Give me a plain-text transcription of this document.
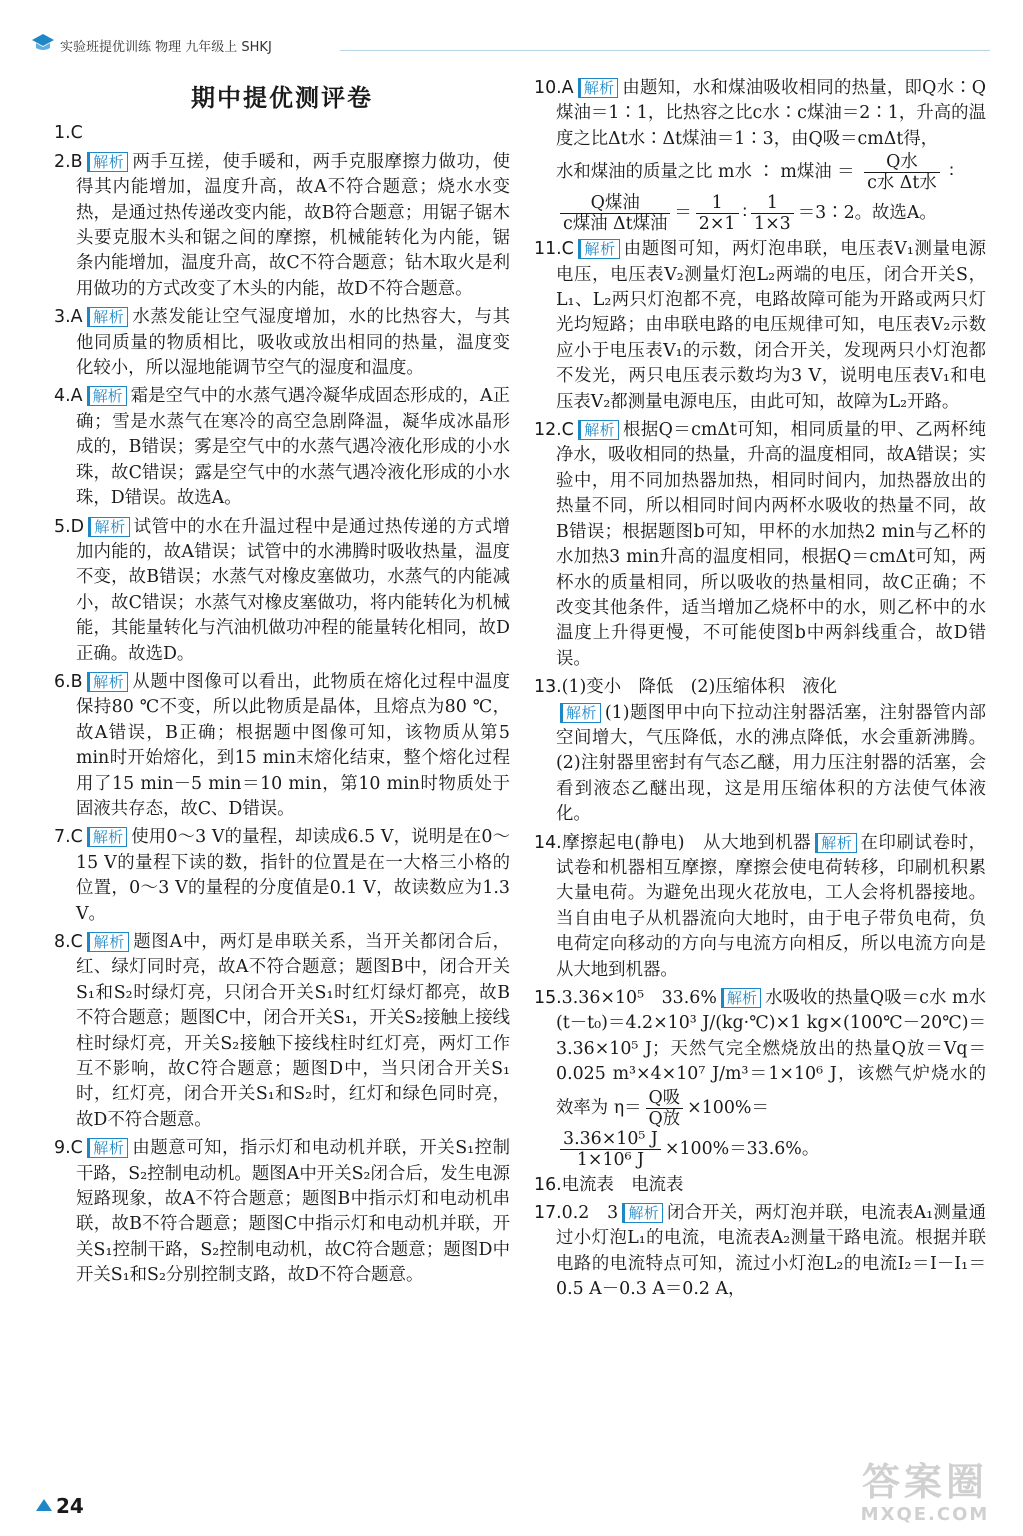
实验班提优训练 物理 九年级上 SHKJ
期中提优测评卷
1.C
2.B 解析 两手互搓，使手暖和，两手克服摩擦力做功，使得其内能增加，温度升高，故A不符合题意；烧水水变热，是通过热传递改变内能，故B符合题意；用锯子锯木头要克服木头和锯之间的摩擦，机械能转化为内能，锯条内能增加，温度升高，故C不符合题意；钻木取火是利用做功的方式改变了木头的内能，故D不符合题意。
3.A 解析 水蒸发能让空气湿度增加，水的比热容大，与其他同质量的物质相比，吸收或放出相同的热量，温度变化较小，所以湿地能调节空气的湿度和温度。
4.A 解析 霜是空气中的水蒸气遇冷凝华成固态形成的，A正确；雪是水蒸气在寒冷的高空急剧降温，凝华成冰晶形成的，B错误；雾是空气中的水蒸气遇冷液化形成的小水珠，故C错误；露是空气中的水蒸气遇冷液化形成的小水珠，D错误。故选A。
5.D 解析 试管中的水在升温过程中是通过热传递的方式增加内能的，故A错误；试管中的水沸腾时吸收热量，温度不变，故B错误；水蒸气对橡皮塞做功，水蒸气的内能减小，故C错误；水蒸气对橡皮塞做功，将内能转化为机械能，其能量转化与汽油机做功冲程的能量转化相同，故D正确。故选D。
6.B 解析 从题中图像可以看出，此物质在熔化过程中温度保持80 ℃不变，所以此物质是晶体，且熔点为80 ℃，故A错误，B正确；根据题中图像可知，该物质从第5 min时开始熔化，到15 min末熔化结束，整个熔化过程用了15 min－5 min＝10 min，第10 min时物质处于固液共存态，故C、D错误。
7.C 解析 使用0～3 V的量程，却读成6.5 V，说明是在0～15 V的量程下读的数，指针的位置是在一大格三小格的位置，0～3 V的量程的分度值是0.1 V，故读数应为1.3 V。
8.C 解析 题图A中，两灯是串联关系，当开关都闭合后，红、绿灯同时亮，故A不符合题意；题图B中，闭合开关S₁和S₂时绿灯亮，只闭合开关S₁时红灯绿灯都亮，故B不符合题意；题图C中，闭合开关S₁，开关S₂接触上接线柱时绿灯亮，开关S₂接触下接线柱时红灯亮，两灯工作互不影响，故C符合题意；题图D中，当只闭合开关S₁时，红灯亮，闭合开关S₁和S₂时，红灯和绿色同时亮，故D不符合题意。
9.C 解析 由题意可知，指示灯和电动机并联，开关S₁控制干路，S₂控制电动机。题图A中开关S₂闭合后，发生电源短路现象，故A不符合题意；题图B中指示灯和电动机串联，故B不符合题意；题图C中指示灯和电动机并联，开关S₁控制干路，S₂控制电动机，故C符合题意；题图D中开关S₁和S₂分别控制支路，故D不符合题意。
10.A 解析 由题知，水和煤油吸收相同的热量，即Q水∶Q煤油＝1∶1，比热容之比c水∶c煤油＝2∶1，升高的温度之比Δt水∶Δt煤油＝1∶3，由Q吸＝cmΔt得，
水和煤油的质量之比 m水 ∶ m煤油 ＝ $\frac{\text{Q水}}{\text{c水 Δt水}}$ ∶
$\frac{\text{Q煤油}}{\text{c煤油 Δt煤油}} = \frac{1}{2\times 1}$ ∶ $\frac{1}{1\times 3}$ ＝3∶2。故选A。
11.C 解析 由题图可知，两灯泡串联，电压表V₁测量电源电压，电压表V₂测量灯泡L₂两端的电压，闭合开关S，L₁、L₂两只灯泡都不亮，电路故障可能为开路或两只灯光均短路；由串联电路的电压规律可知，电压表V₂示数应小于电压表V₁的示数，闭合开关，发现两只小灯泡都不发光，两只电压表示数均为3 V，说明电压表V₁和电压表V₂都测量电源电压，由此可知，故障为L₂开路。
12.C 解析 根据Q＝cmΔt可知，相同质量的甲、乙两杯纯净水，吸收相同的热量，升高的温度相同，故A错误；实验中，用不同加热器加热，相同时间内，加热器放出的热量不同，所以相同时间内两杯水吸收的热量不同，故B错误；根据题图b可知，甲杯的水加热2 min与乙杯的水加热3 min升高的温度相同，根据Q＝cmΔt可知，两杯水的质量相同，所以吸收的热量相同，故C正确；不改变其他条件，适当增加乙烧杯中的水，则乙杯中的水温度上升得更慢，不可能使图b中两斜线重合，故D错误。
13.(1)变小　降低　(2)压缩体积　液化
解析 (1)题图甲中向下拉动注射器活塞，注射器管内部空间增大，气压降低，水的沸点降低，水会重新沸腾。(2)注射器里密封有气态乙醚，用力压注射器的活塞，会看到液态乙醚出现，这是用压缩体积的方法使气体液化。
14.摩擦起电(静电)　从大地到机器 解析 在印刷试卷时，试卷和机器相互摩擦，摩擦会使电荷转移，印刷机积累大量电荷。为避免出现火花放电，工人会将机器接地。当自由电子从机器流向大地时，由于电子带负电荷，负电荷定向移动的方向与电流方向相反，所以电流方向是从大地到机器。
15.3.36×10⁵　33.6% 解析 水吸收的热量Q吸＝c水 m水(t－t₀)＝4.2×10³ J/(kg·℃)×1 kg×(100℃－20℃)＝3.36×10⁵ J；天然气完全燃烧放出的热量Q放＝Vq＝0.025 m³×4×10⁷ J/m³＝1×10⁶ J，该燃气炉烧水的效率为 $\eta= \frac{\text{Q吸}}{\text{Q放}} \times 100\%=$
$\frac{\text{3.36×10⁵ J}}{\text{1×10⁶ J}} \times 100\%=33.6\%$。
16.电流表　电流表
17.0.2　3 解析 闭合开关，两灯泡并联，电流表A₁测量通过小灯泡L₁的电流，电流表A₂测量干路电流。根据并联电路的电流特点可知，流过小灯泡L₂的电流I₂＝I－I₁＝0.5 A－0.3 A＝0.2 A，
24
答案圈
MXQE.COM
